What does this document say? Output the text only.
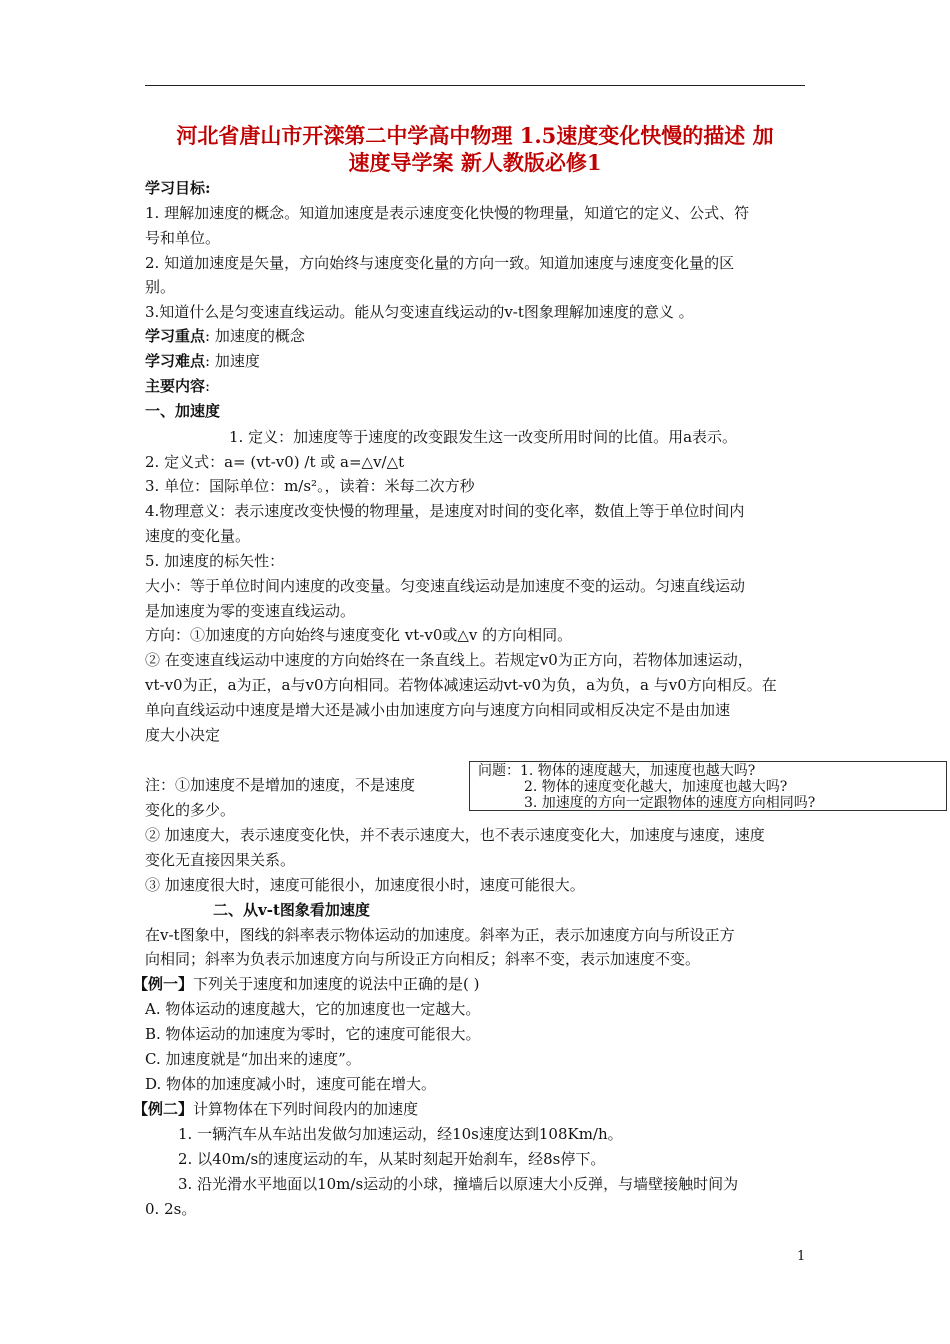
河北省唐山市开滦第二中学高中物理 1.5速度变化快慢的描述 加
速度导学案 新人教版必修1
学习目标:
1. 理解加速度的概念。知道加速度是表示速度变化快慢的物理量，知道它的定义、公式、符
号和单位。
2. 知道加速度是矢量，方向始终与速度变化量的方向一致。知道加速度与速度变化量的区
别。
3.知道什么是匀变速直线运动。能从匀变速直线运动的v-t图象理解加速度的意义 。
学习重点: 加速度的概念
学习难点: 加速度
主要内容:
一、加速度
1. 定义：加速度等于速度的改变跟发生这一改变所用时间的比值。用a表示。
2. 定义式：a= (vt-v0) /t 或 a=△v/△t
3. 单位：国际单位：m/s²。，读着：米每二次方秒
4.物理意义：表示速度改变快慢的物理量，是速度对时间的变化率，数值上等于单位时间内
速度的变化量。
5. 加速度的标矢性：
大小：等于单位时间内速度的改变量。匀变速直线运动是加速度不变的运动。匀速直线运动
是加速度为零的变速直线运动。
方向：①加速度的方向始终与速度变化 vt-v0或△v 的方向相同。
② 在变速直线运动中速度的方向始终在一条直线上。若规定v0为正方向，若物体加速运动，
vt-v0为正，a为正，a与v0方向相同。若物体减速运动vt-v0为负，a为负，a 与v0方向相反。在
单向直线运动中速度是增大还是减小由加速度方向与速度方向相同或相反决定不是由加速
度大小决定
问题：1. 物体的速度越大，加速度也越大吗?
2. 物体的速度变化越大，加速度也越大吗?
3. 加速度的方向一定跟物体的速度方向相同吗?
注：①加速度不是增加的速度，不是速度
变化的多少。
② 加速度大，表示速度变化快，并不表示速度大，也不表示速度变化大，加速度与速度，速度
变化无直接因果关系。
③ 加速度很大时，速度可能很小，加速度很小时，速度可能很大。
二、从v-t图象看加速度
在v-t图象中，图线的斜率表示物体运动的加速度。斜率为正，表示加速度方向与所设正方
向相同；斜率为负表示加速度方向与所设正方向相反；斜率不变，表示加速度不变。
【例一】下列关于速度和加速度的说法中正确的是( )
A. 物体运动的速度越大，它的加速度也一定越大。
B. 物体运动的加速度为零时，它的速度可能很大。
C. 加速度就是“加出来的速度”。
D. 物体的加速度减小时，速度可能在增大。
【例二】计算物体在下列时间段内的加速度
1. 一辆汽车从车站出发做匀加速运动，经10s速度达到108Km/h。
2. 以40m/s的速度运动的车，从某时刻起开始刹车，经8s停下。
3. 沿光滑水平地面以10m/s运动的小球，撞墙后以原速大小反弹，与墙壁接触时间为
0. 2s。
1
